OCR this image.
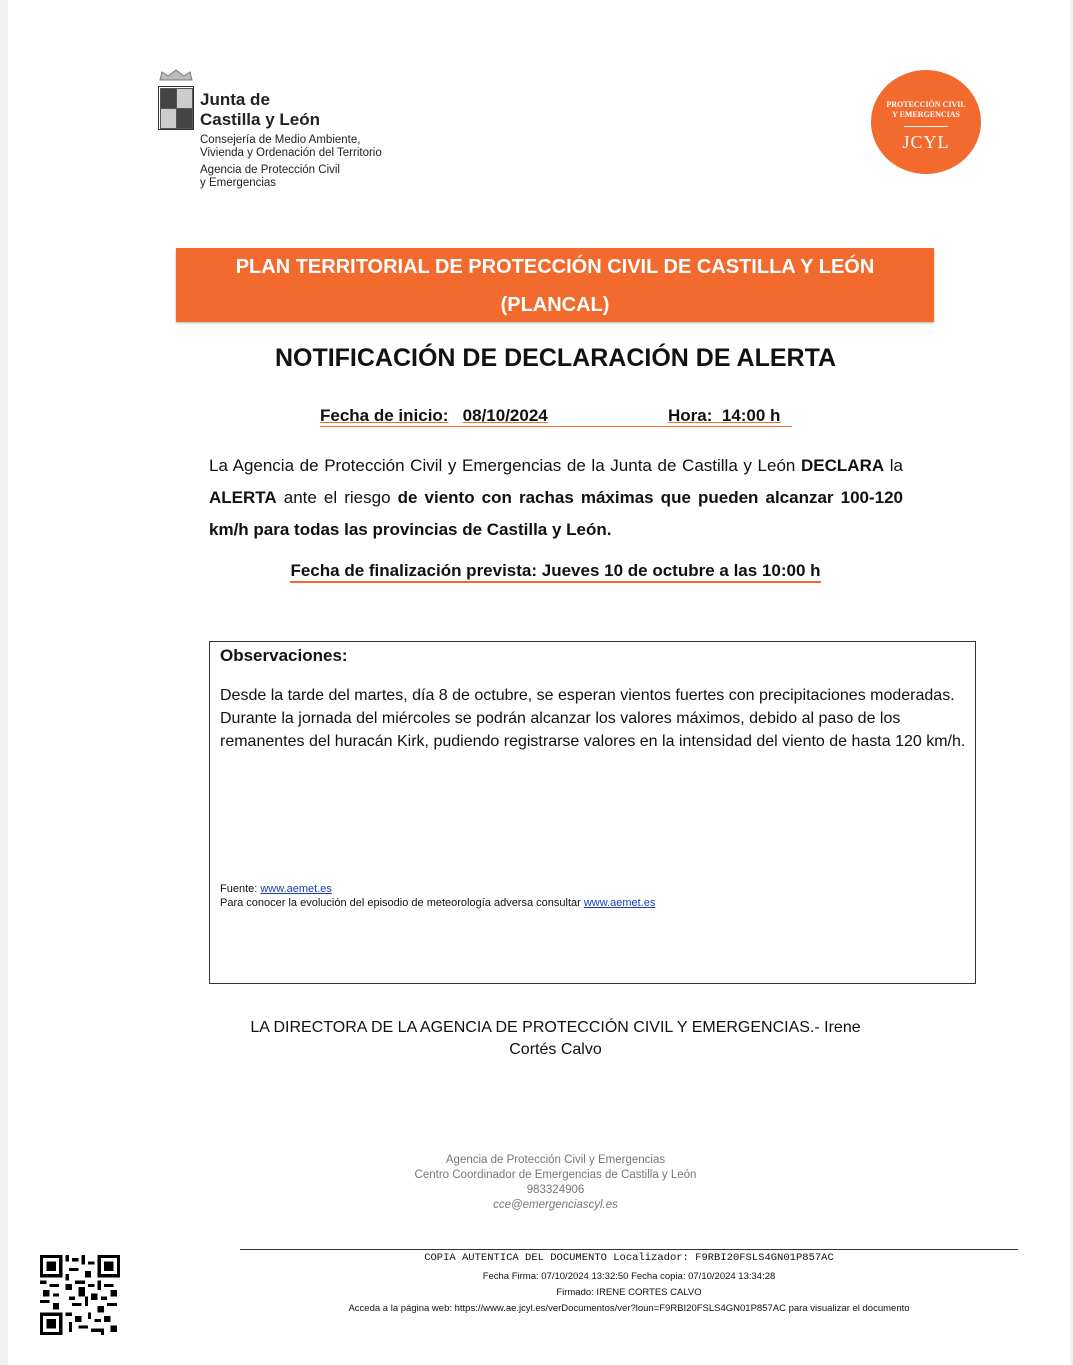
Junta de
Castilla y León
Consejería de Medio Ambiente,
Vivienda y Ordenación del Territorio
Agencia de Protección Civil
y Emergencias
PROTECCIÓN CIVIL
Y EMERGENCIAS
JCYL
PLAN TERRITORIAL DE PROTECCIÓN CIVIL DE CASTILLA Y LEÓN
(PLANCAL)
NOTIFICACIÓN DE DECLARACIÓN DE ALERTA
Fecha de inicio: 08/10/2024	Hora: 14:00 h
La Agencia de Protección Civil y Emergencias de la Junta de Castilla y León DECLARA la ALERTA ante el riesgo de viento con rachas máximas que pueden alcanzar 100-120 km/h para todas las provincias de Castilla y León.
Fecha de finalización prevista: Jueves 10 de octubre a las 10:00 h
Observaciones:
Desde la tarde del martes, día 8 de octubre, se esperan vientos fuertes con precipitaciones moderadas. Durante la jornada del miércoles se podrán alcanzar los valores máximos, debido al paso de los remanentes del huracán Kirk, pudiendo registrarse valores en la intensidad del viento de hasta 120 km/h.
Fuente: www.aemet.es
Para conocer la evolución del episodio de meteorología adversa consultar www.aemet.es
LA DIRECTORA DE LA AGENCIA DE PROTECCIÓN CIVIL Y EMERGENCIAS.- Irene
Cortés Calvo
Agencia de Protección Civil y Emergencias
Centro Coordinador de Emergencias de Castilla y León
983324906
cce@emergenciascyl.es
COPIA AUTENTICA DEL DOCUMENTO Localizador: F9RBI20FSLS4GN01P857AC
Fecha Firma: 07/10/2024 13:32:50 Fecha copia: 07/10/2024 13:34:28
Firmado: IRENE CORTES CALVO
Acceda a la página web: https://www.ae.jcyl.es/verDocumentos/ver?loun=F9RBI20FSLS4GN01P857AC para visualizar el documento
